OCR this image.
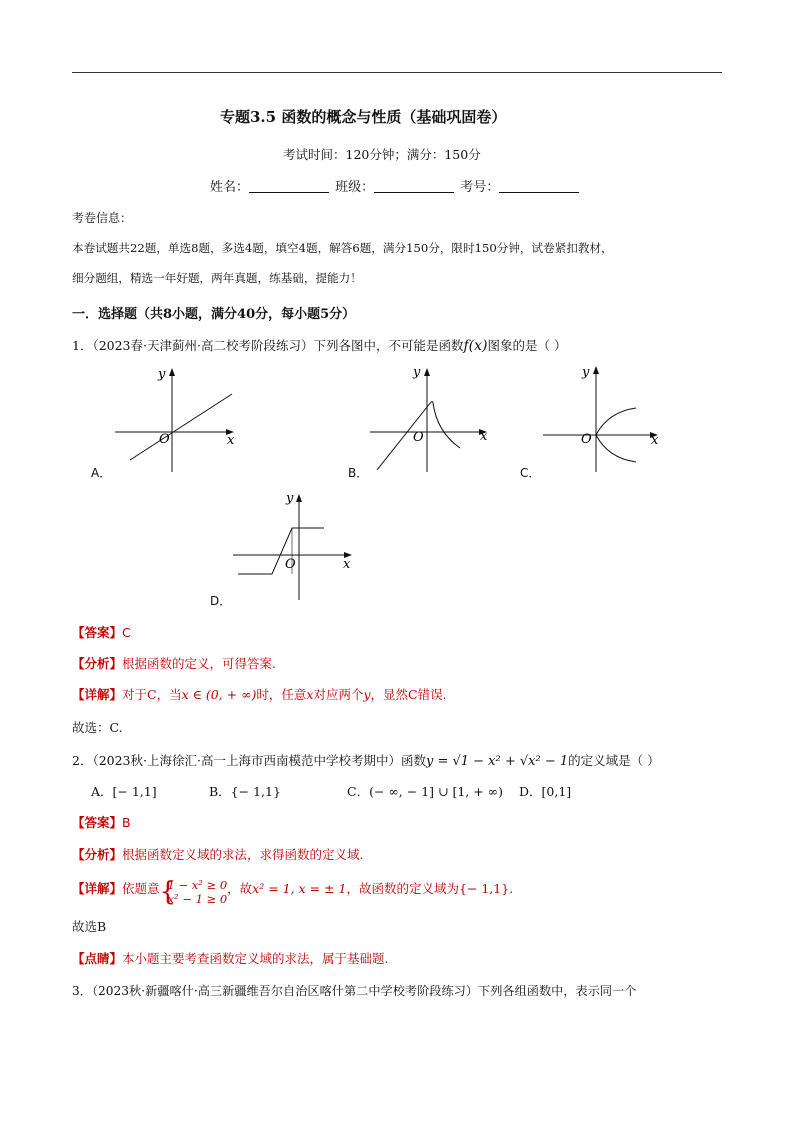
专题3.5 函数的概念与性质（基础巩固卷）
考试时间：120分钟；满分：150分
姓名：	班级：	考号：
考卷信息：
本卷试题共22题，单选8题，多选4题，填空4题，解答6题，满分150分，限时150分钟，试卷紧扣教材，
细分题组，精选一年好题，两年真题，练基础，提能力！
一．选择题（共8小题，满分40分，每小题5分）
1．（2023春·天津蓟州·高二校考阶段练习）下列各图中，不可能是函数f(x)图象的是（ ）
y
x
O
A．
y
x
O
B．
y
x
O
C．
y
x
O
D．
【答案】C
【分析】根据函数的定义，可得答案.
【详解】对于C，当x ∈ (0, + ∞)时，任意x对应两个y，显然C错误.
故选：C.
2．（2023秋·上海徐汇·高一上海市西南模范中学校考期中）函数y = √1 − x² + √x² − 1的定义域是（ ）
A．[− 1,1]	B．{− 1,1}	C．(− ∞, − 1] ∪ [1, + ∞) D．[0,1]
【答案】B
【分析】根据函数定义域的求法，求得函数的定义域.
【详解】依题意 {
1 − x² ≥ 0
x² − 1 ≥ 0
，故x² = 1, x = ± 1，故函数的定义域为{− 1,1}.
故选B
【点睛】本小题主要考查函数定义域的求法，属于基础题.
3．（2023秋·新疆喀什·高三新疆维吾尔自治区喀什第二中学校考阶段练习）下列各组函数中，表示同一个
